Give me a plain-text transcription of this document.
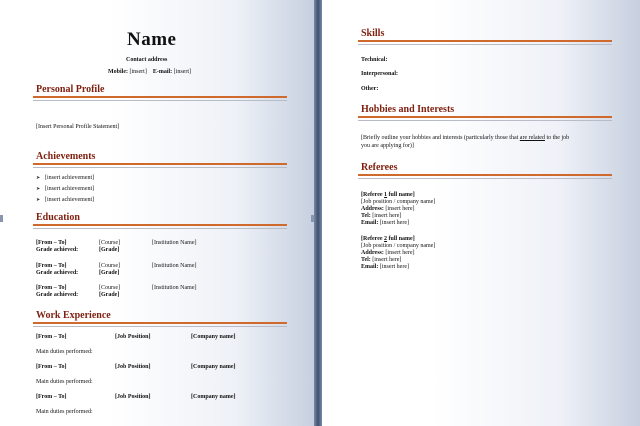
Name
Contact address
Mobile: [insert] E-mail: [insert]
Personal Profile
[Insert Personal Profile Statement]
Achievements
➤ [insert achievement]
➤ [insert achievement]
➤ [insert achievement]
Education
[From – To]	[Course]	[Institution Name]
Grade achieved:	[Grade]
[From – To]	[Course]	[Institution Name]
Grade achieved:	[Grade]
[From – To]	[Course]	[Institution Name]
Grade achieved:	[Grade]
Work Experience
[From – To]	[Job Position]	[Company name]
Main duties performed:
[From – To]	[Job Position]	[Company name]
Main duties performed:
[From – To]	[Job Position]	[Company name]
Main duties performed:
Skills
Technical:
Interpersonal:
Other:
Hobbies and Interests
[Briefly outline your hobbies and interests (particularly those that are related to the job
you are applying for)]
Referees
[Referee 1 full name]
[Job position / company name]
Address: [insert here]
Tel: [insert here]
Email: [insert here]
[Referee 2 full name]
[Job position / company name]
Address: [insert here]
Tel: [insert here]
Email: [insert here]
